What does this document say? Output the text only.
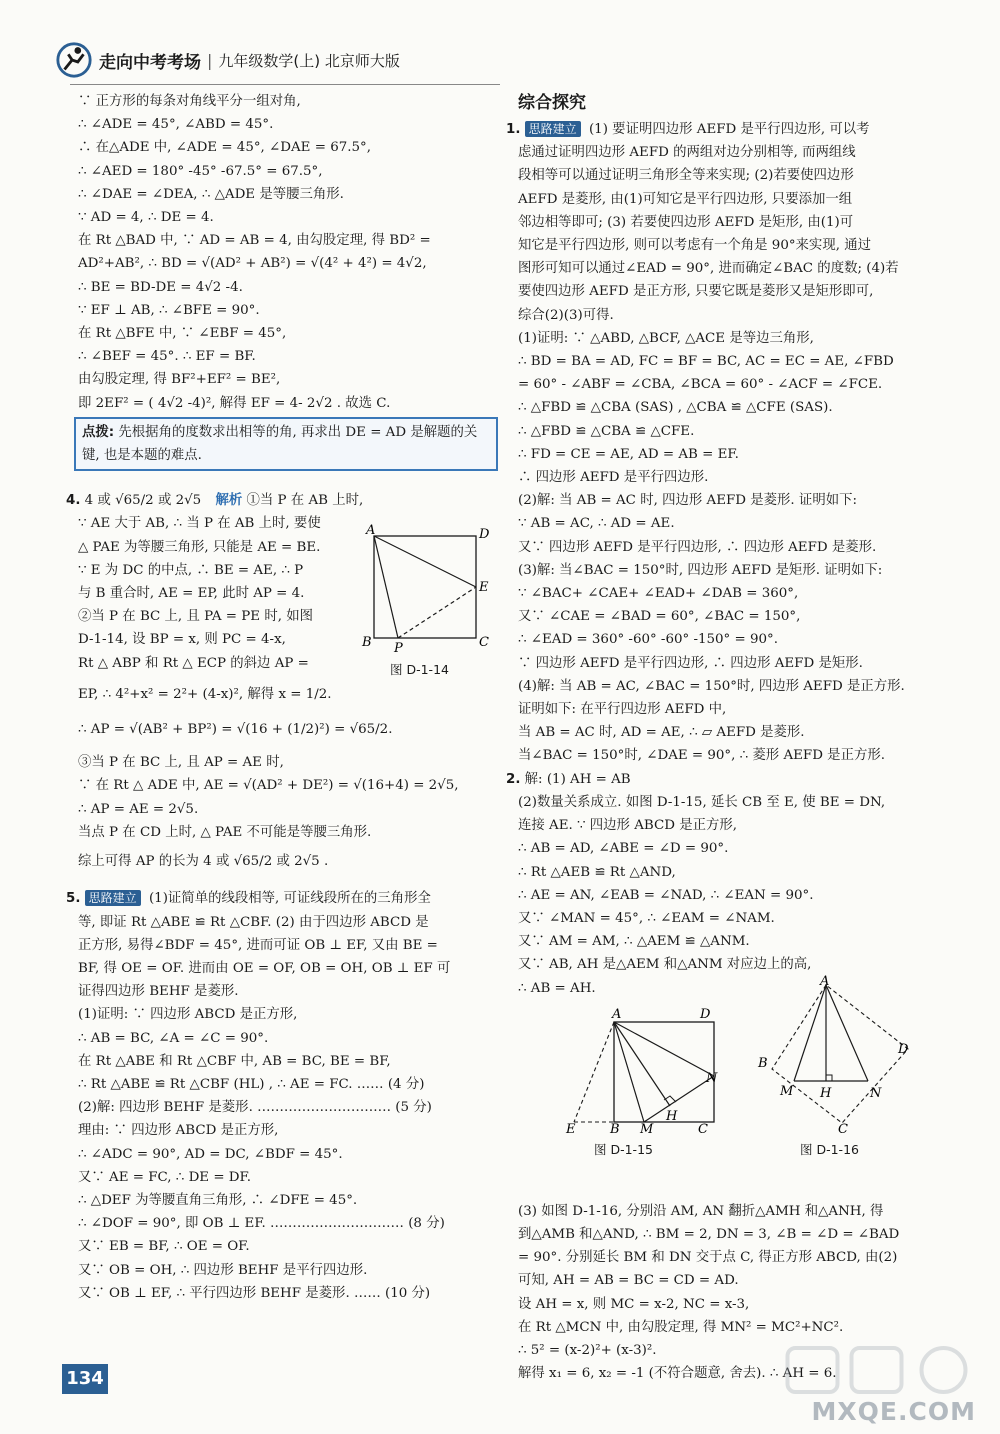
走向中考考场 | 九年级数学(上) 北京师大版
∵ 正方形的每条对角线平分一组对角,
∴ ∠ADE = 45°, ∠ABD = 45°.
∴ 在△ADE 中, ∠ADE = 45°, ∠DAE = 67.5°,
∴ ∠AED = 180° -45° -67.5° = 67.5°,
∴ ∠DAE = ∠DEA, ∴ △ADE 是等腰三角形.
∵ AD = 4, ∴ DE = 4.
在 Rt △BAD 中, ∵ AD = AB = 4, 由勾股定理, 得 BD² =
AD²+AB², ∴ BD = √(AD² + AB²) = √(4² + 4²) = 4√2,
∴ BE = BD-DE = 4√2 -4.
∵ EF ⊥ AB, ∴ ∠BFE = 90°.
在 Rt △BFE 中, ∵ ∠EBF = 45°,
∴ ∠BEF = 45°. ∴ EF = BF.
由勾股定理, 得 BF²+EF² = BE²,
即 2EF² = ( 4√2 -4)², 解得 EF = 4- 2√2 . 故选 C.
点拨: 先根据角的度数求出相等的角, 再求出 DE = AD 是解题的关键, 也是本题的难点.
4. 4 或 √65/2 或 2√5 解析 ①当 P 在 AB 上时,
∵ AE 大于 AB, ∴ 当 P 在 AB 上时, 要使
△ PAE 为等腰三角形, 只能是 AE = BE.
∵ E 为 DC 的中点, ∴ BE = AE, ∴ P
与 B 重合时, AE = EP, 此时 AP = 4.
②当 P 在 BC 上, 且 PA = PE 时, 如图
D-1-14, 设 BP = x, 则 PC = 4-x,
Rt △ ABP 和 Rt △ ECP 的斜边 AP =
EP, ∴ 4²+x² = 2²+ (4-x)², 解得 x = 1/2.
∴ AP = √(AB² + BP²) = √(16 + (1/2)²) = √65/2.
③当 P 在 BC 上, 且 AP = AE 时,
∵ 在 Rt △ ADE 中, AE = √(AD² + DE²) = √(16+4) = 2√5,
∴ AP = AE = 2√5.
当点 P 在 CD 上时, △ PAE 不可能是等腰三角形.
综上可得 AP 的长为 4 或 √65/2 或 2√5 .
5. 思路建立 (1)证简单的线段相等, 可证线段所在的三角形全
等, 即证 Rt △ABE ≌ Rt △CBF. (2) 由于四边形 ABCD 是
正方形, 易得∠BDF = 45°, 进而可证 OB ⊥ EF, 又由 BE =
BF, 得 OE = OF. 进而由 OE = OF, OB = OH, OB ⊥ EF 可
证得四边形 BEHF 是菱形.
(1)证明: ∵ 四边形 ABCD 是正方形,
∴ AB = BC, ∠A = ∠C = 90°.
在 Rt △ABE 和 Rt △CBF 中, AB = BC, BE = BF,
∴ Rt △ABE ≌ Rt △CBF (HL) , ∴ AE = FC. …… (4 分)
(2)解: 四边形 BEHF 是菱形. ………………………… (5 分)
理由: ∵ 四边形 ABCD 是正方形,
∴ ∠ADC = 90°, AD = DC, ∠BDF = 45°.
又∵ AE = FC, ∴ DE = DF.
∴ △DEF 为等腰直角三角形, ∴ ∠DFE = 45°.
∴ ∠DOF = 90°, 即 OB ⊥ EF. ………………………… (8 分)
又∵ EB = BF, ∴ OE = OF.
又∵ OB = OH, ∴ 四边形 BEHF 是平行四边形.
又∵ OB ⊥ EF, ∴ 平行四边形 BEHF 是菱形. …… (10 分)
A	D
E
B P	C
图 D-1-14
综合探究
1. 思路建立 (1) 要证明四边形 AEFD 是平行四边形, 可以考
虑通过证明四边形 AEFD 的两组对边分别相等, 而两组线
段相等可以通过证明三角形全等来实现; (2)若要使四边形
AEFD 是菱形, 由(1)可知它是平行四边形, 只要添加一组
邻边相等即可; (3) 若要使四边形 AEFD 是矩形, 由(1)可
知它是平行四边形, 则可以考虑有一个角是 90°来实现, 通过
图形可知可以通过∠EAD = 90°, 进而确定∠BAC 的度数; (4)若
要使四边形 AEFD 是正方形, 只要它既是菱形又是矩形即可,
综合(2)(3)可得.
(1)证明: ∵ △ABD, △BCF, △ACE 是等边三角形,
∴ BD = BA = AD, FC = BF = BC, AC = EC = AE, ∠FBD
= 60° - ∠ABF = ∠CBA, ∠BCA = 60° - ∠ACF = ∠FCE.
∴ △FBD ≌ △CBA (SAS) , △CBA ≌ △CFE (SAS).
∴ △FBD ≌ △CBA ≌ △CFE.
∴ FD = CE = AE, AD = AB = EF.
∴ 四边形 AEFD 是平行四边形.
(2)解: 当 AB = AC 时, 四边形 AEFD 是菱形. 证明如下:
∵ AB = AC, ∴ AD = AE.
又∵ 四边形 AEFD 是平行四边形, ∴ 四边形 AEFD 是菱形.
(3)解: 当∠BAC = 150°时, 四边形 AEFD 是矩形. 证明如下:
∵ ∠BAC+ ∠CAE+ ∠EAD+ ∠DAB = 360°,
又∵ ∠CAE = ∠BAD = 60°, ∠BAC = 150°,
∴ ∠EAD = 360° -60° -60° -150° = 90°.
∵ 四边形 AEFD 是平行四边形, ∴ 四边形 AEFD 是矩形.
(4)解: 当 AB = AC, ∠BAC = 150°时, 四边形 AEFD 是正方形.
证明如下: 在平行四边形 AEFD 中,
当 AB = AC 时, AD = AE, ∴ ▱ AEFD 是菱形.
当∠BAC = 150°时, ∠DAE = 90°, ∴ 菱形 AEFD 是正方形.
2. 解: (1) AH = AB
(2)数量关系成立. 如图 D-1-15, 延长 CB 至 E, 使 BE = DN,
连接 AE. ∵ 四边形 ABCD 是正方形,
∴ AB = AD, ∠ABE = ∠D = 90°.
∴ Rt △AEB ≌ Rt △AND,
∴ AE = AN, ∠EAB = ∠NAD, ∴ ∠EAN = 90°.
又∵ ∠MAN = 45°, ∴ ∠EAM = ∠NAM.
又∵ AM = AM, ∴ △AEM ≌ △ANM.
又∵ AB, AH 是△AEM 和△ANM 对应边上的高,
∴ AB = AH.
(3) 如图 D-1-16, 分别沿 AM, AN 翻折△AMH 和△ANH, 得
到△AMB 和△AND, ∴ BM = 2, DN = 3, ∠B = ∠D = ∠BAD
= 90°. 分别延长 BM 和 DN 交于点 C, 得正方形 ABCD, 由(2)
可知, AH = AB = BC = CD = AD.
设 AH = x, 则 MC = x-2, NC = x-3,
在 Rt △MCN 中, 由勾股定理, 得 MN² = MC²+NC².
∴ 5² = (x-2)²+ (x-3)².
解得 x₁ = 6, x₂ = -1 (不符合题意, 舍去). ∴ AH = 6.
A	D
N
H
E	B M	C
图 D-1-15
A
B
D
M H	N
C
图 D-1-16
134
MXQE.COM
